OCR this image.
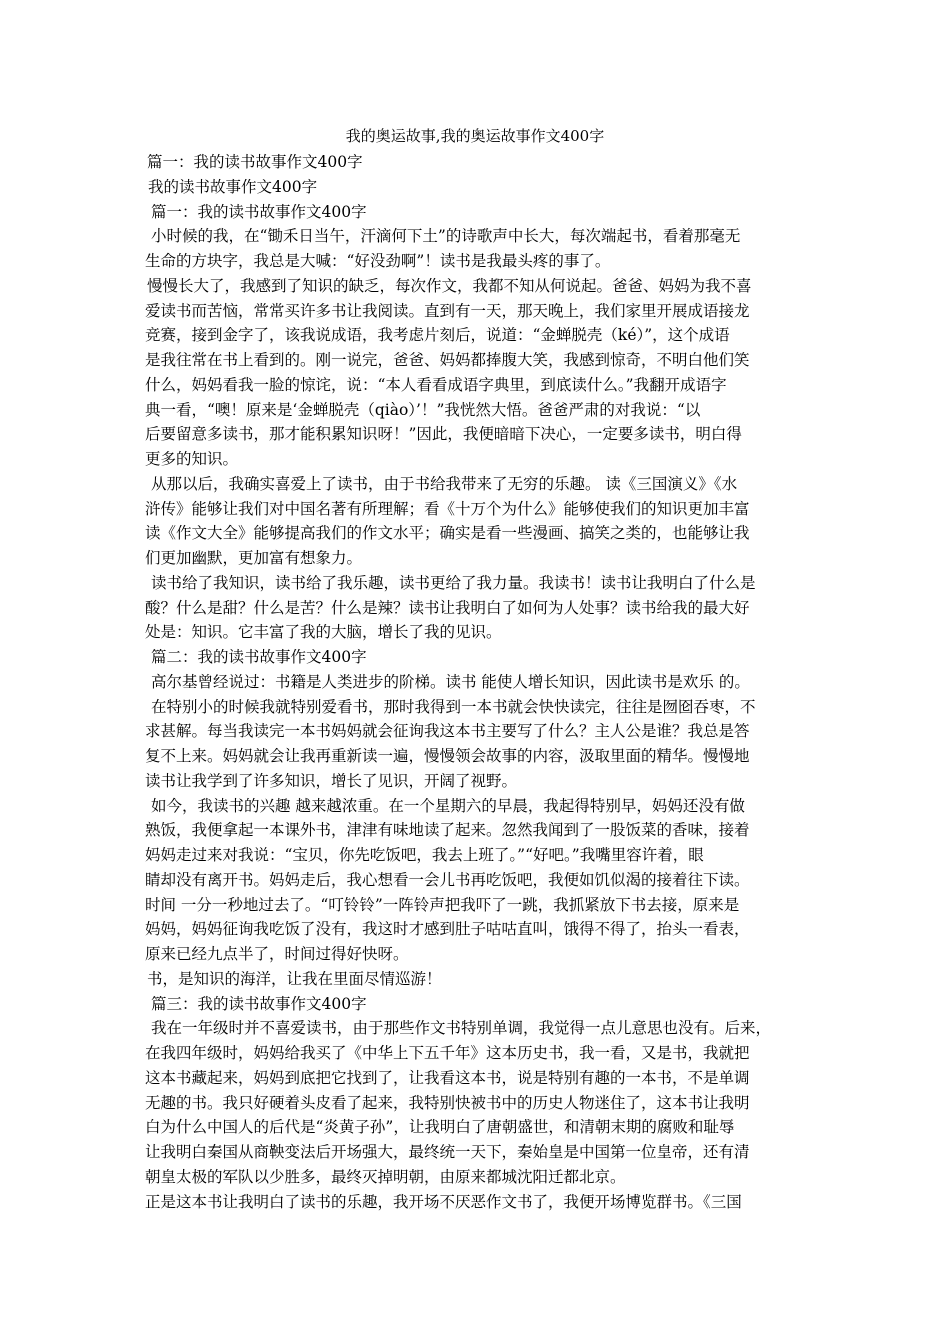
我的奥运故事,我的奥运故事作文400字
篇一：我的读书故事作文400字
我的读书故事作文400字
篇一：我的读书故事作文400字
小时候的我，在“锄禾日当午，汗滴何下土”的诗歌声中长大，每次端起书，看着那毫无
生命的方块字，我总是大喊：“好没劲啊”！读书是我最头疼的事了。
慢慢长大了，我感到了知识的缺乏，每次作文，我都不知从何说起。爸爸、妈妈为我不喜
爱读书而苦恼，常常买许多书让我阅读。直到有一天，那天晚上，我们家里开展成语接龙
竞赛，接到金字了，该我说成语，我考虑片刻后，说道：“金蝉脱壳（ké）”，这个成语
是我往常在书上看到的。刚一说完，爸爸、妈妈都捧腹大笑，我感到惊奇，不明白他们笑
什么，妈妈看我一脸的惊诧，说：“本人看看成语字典里，到底读什么。”我翻开成语字
典一看，“噢！原来是‘金蝉脱壳（qiào）’！”我恍然大悟。爸爸严肃的对我说：“以
后要留意多读书，那才能积累知识呀！”因此，我便暗暗下决心，一定要多读书，明白得
更多的知识。
从那以后，我确实喜爱上了读书，由于书给我带来了无穷的乐趣。 读《三国演义》《水
浒传》能够让我们对中国名著有所理解；看《十万个为什么》能够使我们的知识更加丰富
读《作文大全》能够提高我们的作文水平；确实是看一些漫画、搞笑之类的，也能够让我
们更加幽默，更加富有想象力。
读书给了我知识，读书给了我乐趣，读书更给了我力量。我读书！读书让我明白了什么是
酸？什么是甜？什么是苦？什么是辣？读书让我明白了如何为人处事？读书给我的最大好
处是：知识。它丰富了我的大脑，增长了我的见识。
篇二：我的读书故事作文400字
高尔基曾经说过：书籍是人类进步的阶梯。读书 能使人增长知识，因此读书是欢乐 的。
在特别小的时候我就特别爱看书，那时我得到一本书就会快快读完，往往是囫囵吞枣，不
求甚解。每当我读完一本书妈妈就会征询我这本书主要写了什么？主人公是谁？我总是答
复不上来。妈妈就会让我再重新读一遍，慢慢领会故事的内容，汲取里面的精华。慢慢地
读书让我学到了许多知识，增长了见识，开阔了视野。
如今，我读书的兴趣 越来越浓重。在一个星期六的早晨，我起得特别早，妈妈还没有做
熟饭，我便拿起一本课外书，津津有味地读了起来。忽然我闻到了一股饭菜的香味，接着
妈妈走过来对我说：“宝贝，你先吃饭吧，我去上班了。”“好吧。”我嘴里容许着，眼
睛却没有离开书。妈妈走后，我心想看一会儿书再吃饭吧，我便如饥似渴的接着往下读。
时间 一分一秒地过去了。“叮铃铃”一阵铃声把我吓了一跳，我抓紧放下书去接，原来是
妈妈，妈妈征询我吃饭了没有，我这时才感到肚子咕咕直叫，饿得不得了，抬头一看表，
原来已经九点半了，时间过得好快呀。
书，是知识的海洋，让我在里面尽情巡游！
篇三：我的读书故事作文400字
我在一年级时并不喜爱读书，由于那些作文书特别单调，我觉得一点儿意思也没有。后来，
在我四年级时，妈妈给我买了《中华上下五千年》这本历史书，我一看，又是书，我就把
这本书藏起来，妈妈到底把它找到了，让我看这本书，说是特别有趣的一本书，不是单调
无趣的书。我只好硬着头皮看了起来，我特别快被书中的历史人物迷住了，这本书让我明
白为什么中国人的后代是“炎黄子孙”，让我明白了唐朝盛世，和清朝末期的腐败和耻辱
让我明白秦国从商鞅变法后开场强大，最终统一天下，秦始皇是中国第一位皇帝，还有清
朝皇太极的军队以少胜多，最终灭掉明朝，由原来都城沈阳迁都北京。
正是这本书让我明白了读书的乐趣，我开场不厌恶作文书了，我便开场博览群书。《三国
